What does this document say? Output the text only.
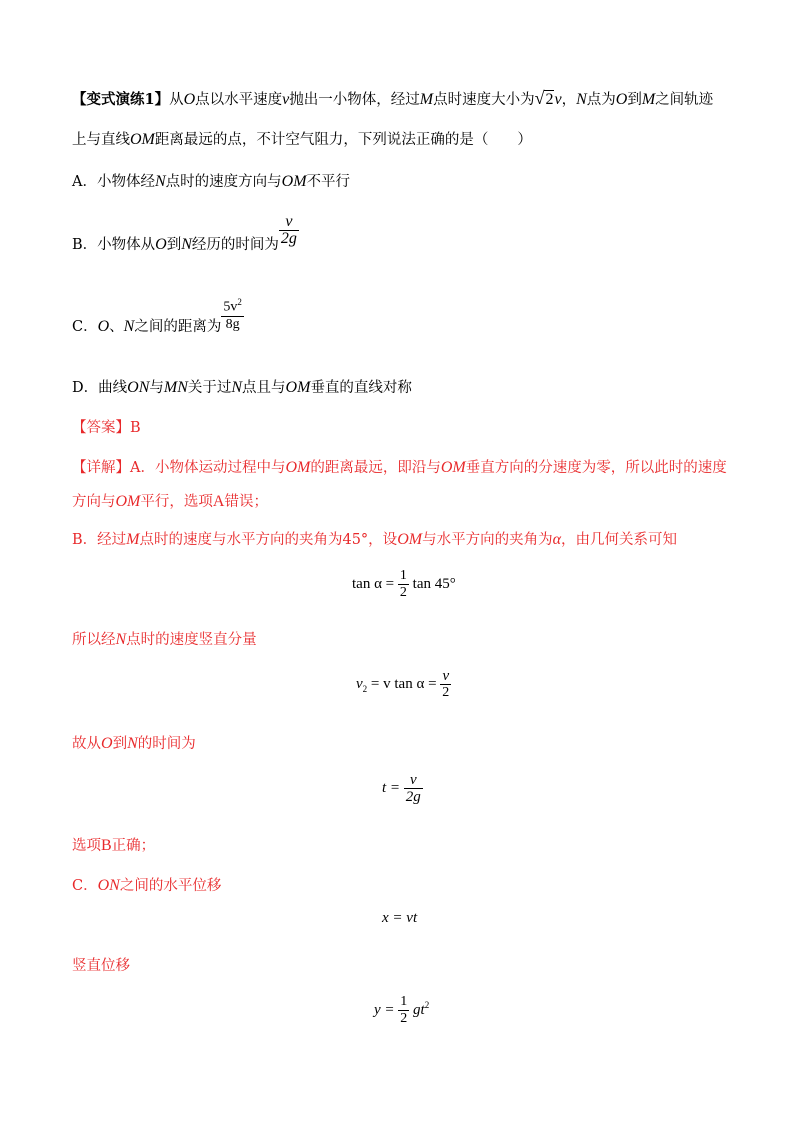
【变式演练1】从O点以水平速度v抛出一小物体，经过M点时速度大小为√2v，N点为O到M之间轨迹
上与直线OM距离最远的点，不计空气阻力，下列说法正确的是（　　）
A．小物体经N点时的速度方向与OM不平行
B．小物体从O到N经历的时间为 $\frac{v}{2g}$
C．O、N之间的距离为 $\frac{5v^2}{8g}$
D．曲线ON与MN关于过N点且与OM垂直的直线对称
【答案】B
【详解】A．小物体运动过程中与OM的距离最远，即沿与OM垂直方向的分速度为零，所以此时的速度
方向与OM平行，选项A错误；
B．经过M点时的速度与水平方向的夹角为45°，设OM与水平方向的夹角为α，由几何关系可知
$\tan \alpha = \frac{1}{2}$ tan 45°
所以经N点时的速度竖直分量
$v_2 = v$ $\tan \alpha = \frac{v}{2}$
故从O到N的时间为
$t = \frac{v}{2g}$
选项B正确；
C．ON之间的水平位移
x = vt
竖直位移
$y = \frac{1}{2} gt^2$
